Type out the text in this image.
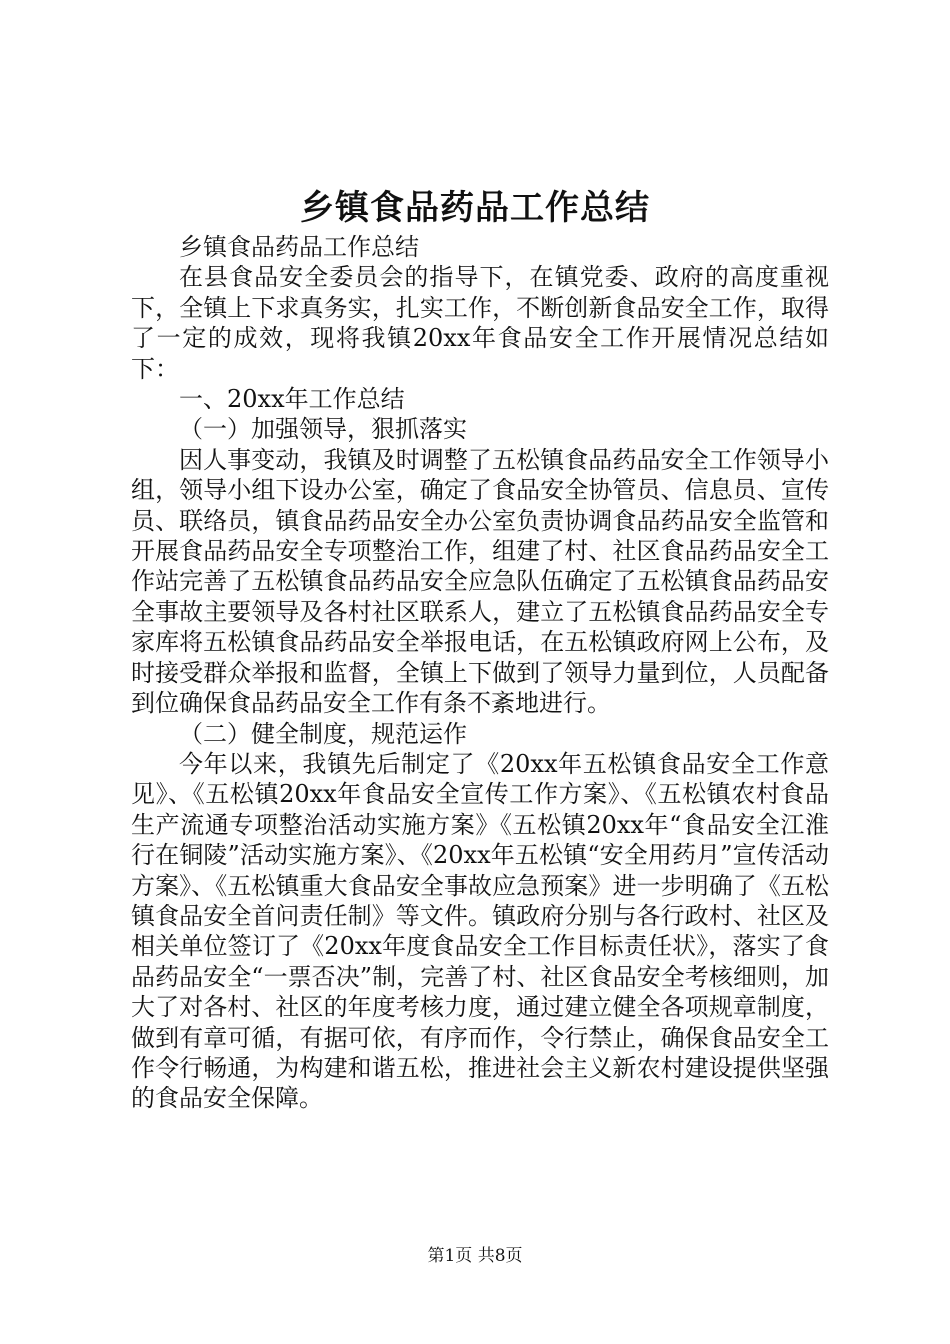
乡镇食品药品工作总结

乡镇食品药品工作总结

在县食品安全委员会的指导下，在镇党委、政府的高度重视下，全镇上下求真务实，扎实工作，不断创新食品安全工作，取得了一定的成效，现将我镇20xx年食品安全工作开展情况总结如下：

一、20xx年工作总结

（一）加强领导，狠抓落实

因人事变动，我镇及时调整了五松镇食品药品安全工作领导小组，领导小组下设办公室，确定了食品安全协管员、信息员、宣传员、联络员，镇食品药品安全办公室负责协调食品药品安全监管和开展食品药品安全专项整治工作，组建了村、社区食品药品安全工作站完善了五松镇食品药品安全应急队伍确定了五松镇食品药品安全事故主要领导及各村社区联系人，建立了五松镇食品药品安全专家库将五松镇食品药品安全举报电话，在五松镇政府网上公布，及时接受群众举报和监督，全镇上下做到了领导力量到位，人员配备到位确保食品药品安全工作有条不紊地进行。

（二）健全制度，规范运作

今年以来，我镇先后制定了《20xx年五松镇食品安全工作意见》、《五松镇20xx年食品安全宣传工作方案》、《五松镇农村食品生产流通专项整治活动实施方案》《五松镇20xx年“食品安全江淮行在铜陵”活动实施方案》、《20xx年五松镇“安全用药月”宣传活动方案》、《五松镇重大食品安全事故应急预案》进一步明确了《五松镇食品安全首问责任制》等文件。镇政府分别与各行政村、社区及相关单位签订了《20xx年度食品安全工作目标责任状》，落实了食品药品安全“一票否决”制，完善了村、社区食品安全考核细则，加大了对各村、社区的年度考核力度，通过建立健全各项规章制度，做到有章可循，有据可依，有序而作，令行禁止，确保食品安全工作令行畅通，为构建和谐五松，推进社会主义新农村建设提供坚强的食品安全保障。

第1页 共8页
